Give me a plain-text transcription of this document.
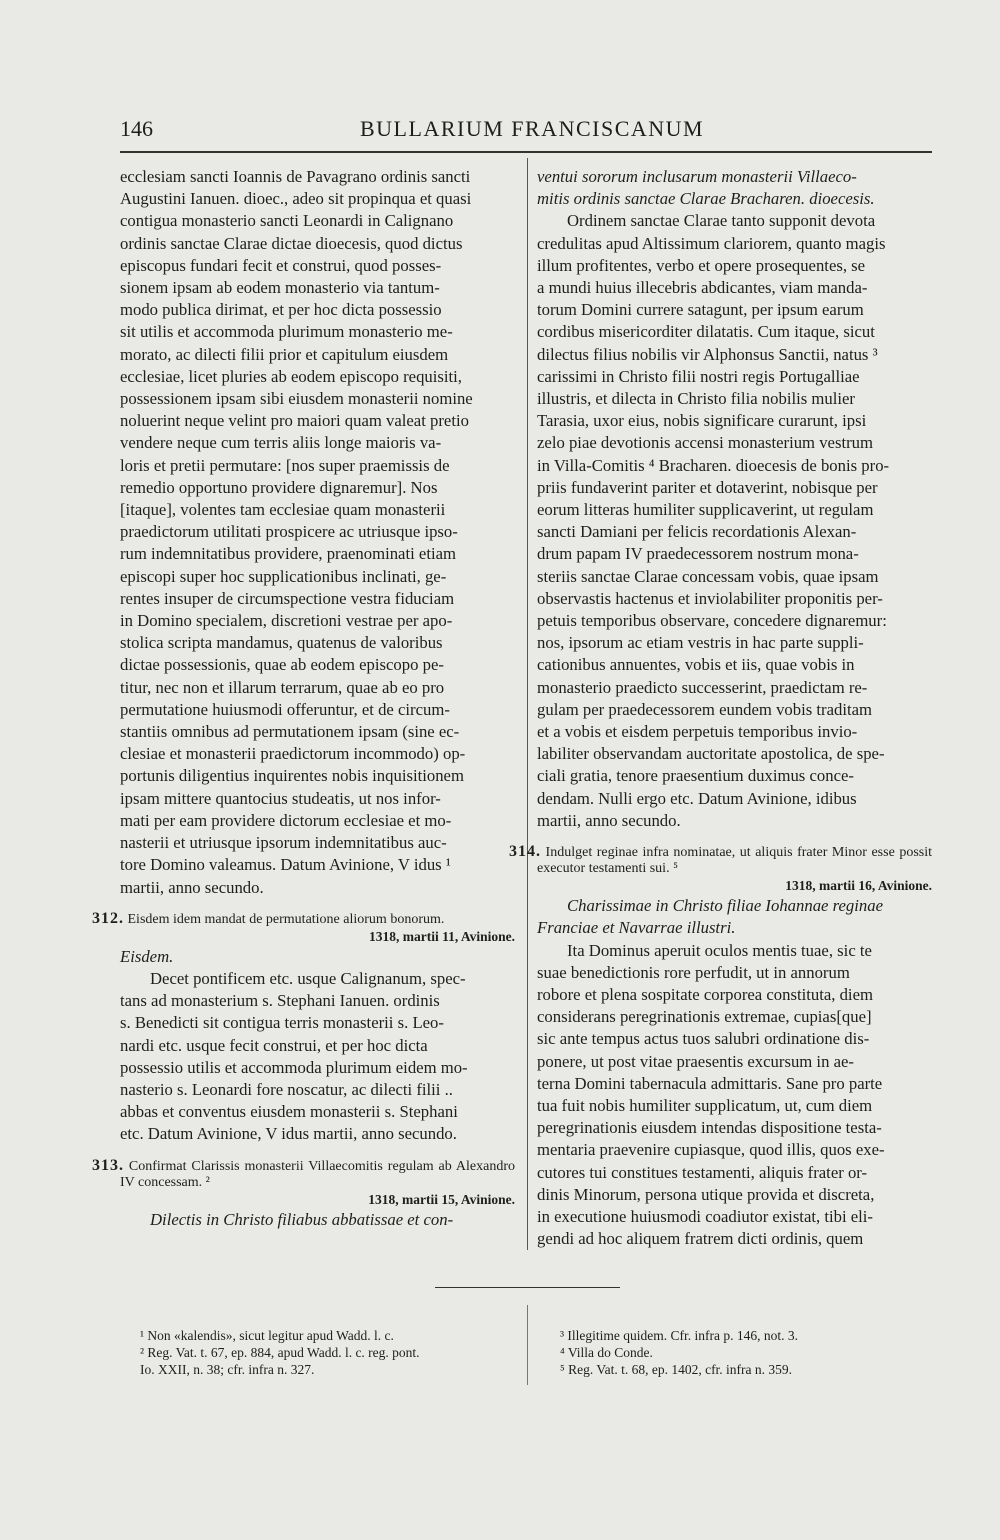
146	BULLARIUM FRANCISCANUM

ecclesiam sancti Ioannis de Pavagrano ordinis sancti

Augustini Ianuen. dioec., adeo sit propinqua et quasi

contigua monasterio sancti Leonardi in Calignano

ordinis sanctae Clarae dictae dioecesis, quod dictus

episcopus fundari fecit et construi, quod posses-

sionem ipsam ab eodem monasterio via tantum-

modo publica dirimat, et per hoc dicta possessio

sit utilis et accommoda plurimum monasterio me-

morato, ac dilecti filii prior et capitulum eiusdem

ecclesiae, licet pluries ab eodem episcopo requisiti,

possessionem ipsam sibi eiusdem monasterii nomine

noluerint neque velint pro maiori quam valeat pretio

vendere neque cum terris aliis longe maioris va-

loris et pretii permutare: [nos super praemissis de

remedio opportuno providere dignaremur]. Nos

[itaque], volentes tam ecclesiae quam monasterii

praedictorum utilitati prospicere ac utriusque ipso-

rum indemnitatibus providere, praenominati etiam

episcopi super hoc supplicationibus inclinati, ge-

rentes insuper de circumspectione vestra fiduciam

in Domino specialem, discretioni vestrae per apo-

stolica scripta mandamus, quatenus de valoribus

dictae possessionis, quae ab eodem episcopo pe-

titur, nec non et illarum terrarum, quae ab eo pro

permutatione huiusmodi offeruntur, et de circum-

stantiis omnibus ad permutationem ipsam (sine ec-

clesiae et monasterii praedictorum incommodo) op-

portunis diligentius inquirentes nobis inquisitionem

ipsam mittere quantocius studeatis, ut nos infor-

mati per eam providere dictorum ecclesiae et mo-

nasterii et utriusque ipsorum indemnitatibus auc-

tore Domino valeamus. Datum Avinione, V idus ¹

martii, anno secundo.

312. Eisdem idem mandat de permutatione aliorum bonorum.

1318, martii 11, Avinione.

Eisdem.

Decet pontificem etc. usque Calignanum, spec-

tans ad monasterium s. Stephani Ianuen. ordinis

s. Benedicti sit contigua terris monasterii s. Leo-

nardi etc. usque fecit construi, et per hoc dicta

possessio utilis et accommoda plurimum eidem mo-

nasterio s. Leonardi fore noscatur, ac dilecti filii ..

abbas et conventus eiusdem monasterii s. Stephani

etc. Datum Avinione, V idus martii, anno secundo.

313. Confirmat Clarissis monasterii Villaecomitis regulam ab Alexandro IV concessam. ²

1318, martii 15, Avinione.

Dilectis in Christo filiabus abbatissae et con-

ventui sororum inclusarum monasterii Villaeco-

mitis ordinis sanctae Clarae Bracharen. dioecesis.

Ordinem sanctae Clarae tanto supponit devota

credulitas apud Altissimum clariorem, quanto magis

illum profitentes, verbo et opere prosequentes, se

a mundi huius illecebris abdicantes, viam manda-

torum Domini currere satagunt, per ipsum earum

cordibus misericorditer dilatatis. Cum itaque, sicut

dilectus filius nobilis vir Alphonsus Sanctii, natus ³

carissimi in Christo filii nostri regis Portugalliae

illustris, et dilecta in Christo filia nobilis mulier

Tarasia, uxor eius, nobis significare curarunt, ipsi

zelo piae devotionis accensi monasterium vestrum

in Villa-Comitis ⁴ Bracharen. dioecesis de bonis pro-

priis fundaverint pariter et dotaverint, nobisque per

eorum litteras humiliter supplicaverint, ut regulam

sancti Damiani per felicis recordationis Alexan-

drum papam IV praedecessorem nostrum mona-

steriis sanctae Clarae concessam vobis, quae ipsam

observastis hactenus et inviolabiliter proponitis per-

petuis temporibus observare, concedere dignaremur:

nos, ipsorum ac etiam vestris in hac parte suppli-

cationibus annuentes, vobis et iis, quae vobis in

monasterio praedicto successerint, praedictam re-

gulam per praedecessorem eundem vobis traditam

et a vobis et eisdem perpetuis temporibus invio-

labiliter observandam auctoritate apostolica, de spe-

ciali gratia, tenore praesentium duximus conce-

dendam. Nulli ergo etc. Datum Avinione, idibus

martii, anno secundo.

314. Indulget reginae infra nominatae, ut aliquis frater Minor esse possit executor testamenti sui. ⁵

1318, martii 16, Avinione.

Charissimae in Christo filiae Iohannae reginae

Franciae et Navarrae illustri.

Ita Dominus aperuit oculos mentis tuae, sic te

suae benedictionis rore perfudit, ut in annorum

robore et plena sospitate corporea constituta, diem

considerans peregrinationis extremae, cupias[que]

sic ante tempus actus tuos salubri ordinatione dis-

ponere, ut post vitae praesentis excursum in ae-

terna Domini tabernacula admittaris. Sane pro parte

tua fuit nobis humiliter supplicatum, ut, cum diem

peregrinationis eiusdem intendas dispositione testa-

mentaria praevenire cupiasque, quod illis, quos exe-

cutores tui constitues testamenti, aliquis frater or-

dinis Minorum, persona utique provida et discreta,

in executione huiusmodi coadiutor existat, tibi eli-

gendi ad hoc aliquem fratrem dicti ordinis, quem

¹ Non «kalendis», sicut legitur apud Wadd. l. c.

² Reg. Vat. t. 67, ep. 884, apud Wadd. l. c. reg. pont.

Io. XXII, n. 38; cfr. infra n. 327.

³ Illegitime quidem. Cfr. infra p. 146, not. 3.

⁴ Villa do Conde.

⁵ Reg. Vat. t. 68, ep. 1402, cfr. infra n. 359.
